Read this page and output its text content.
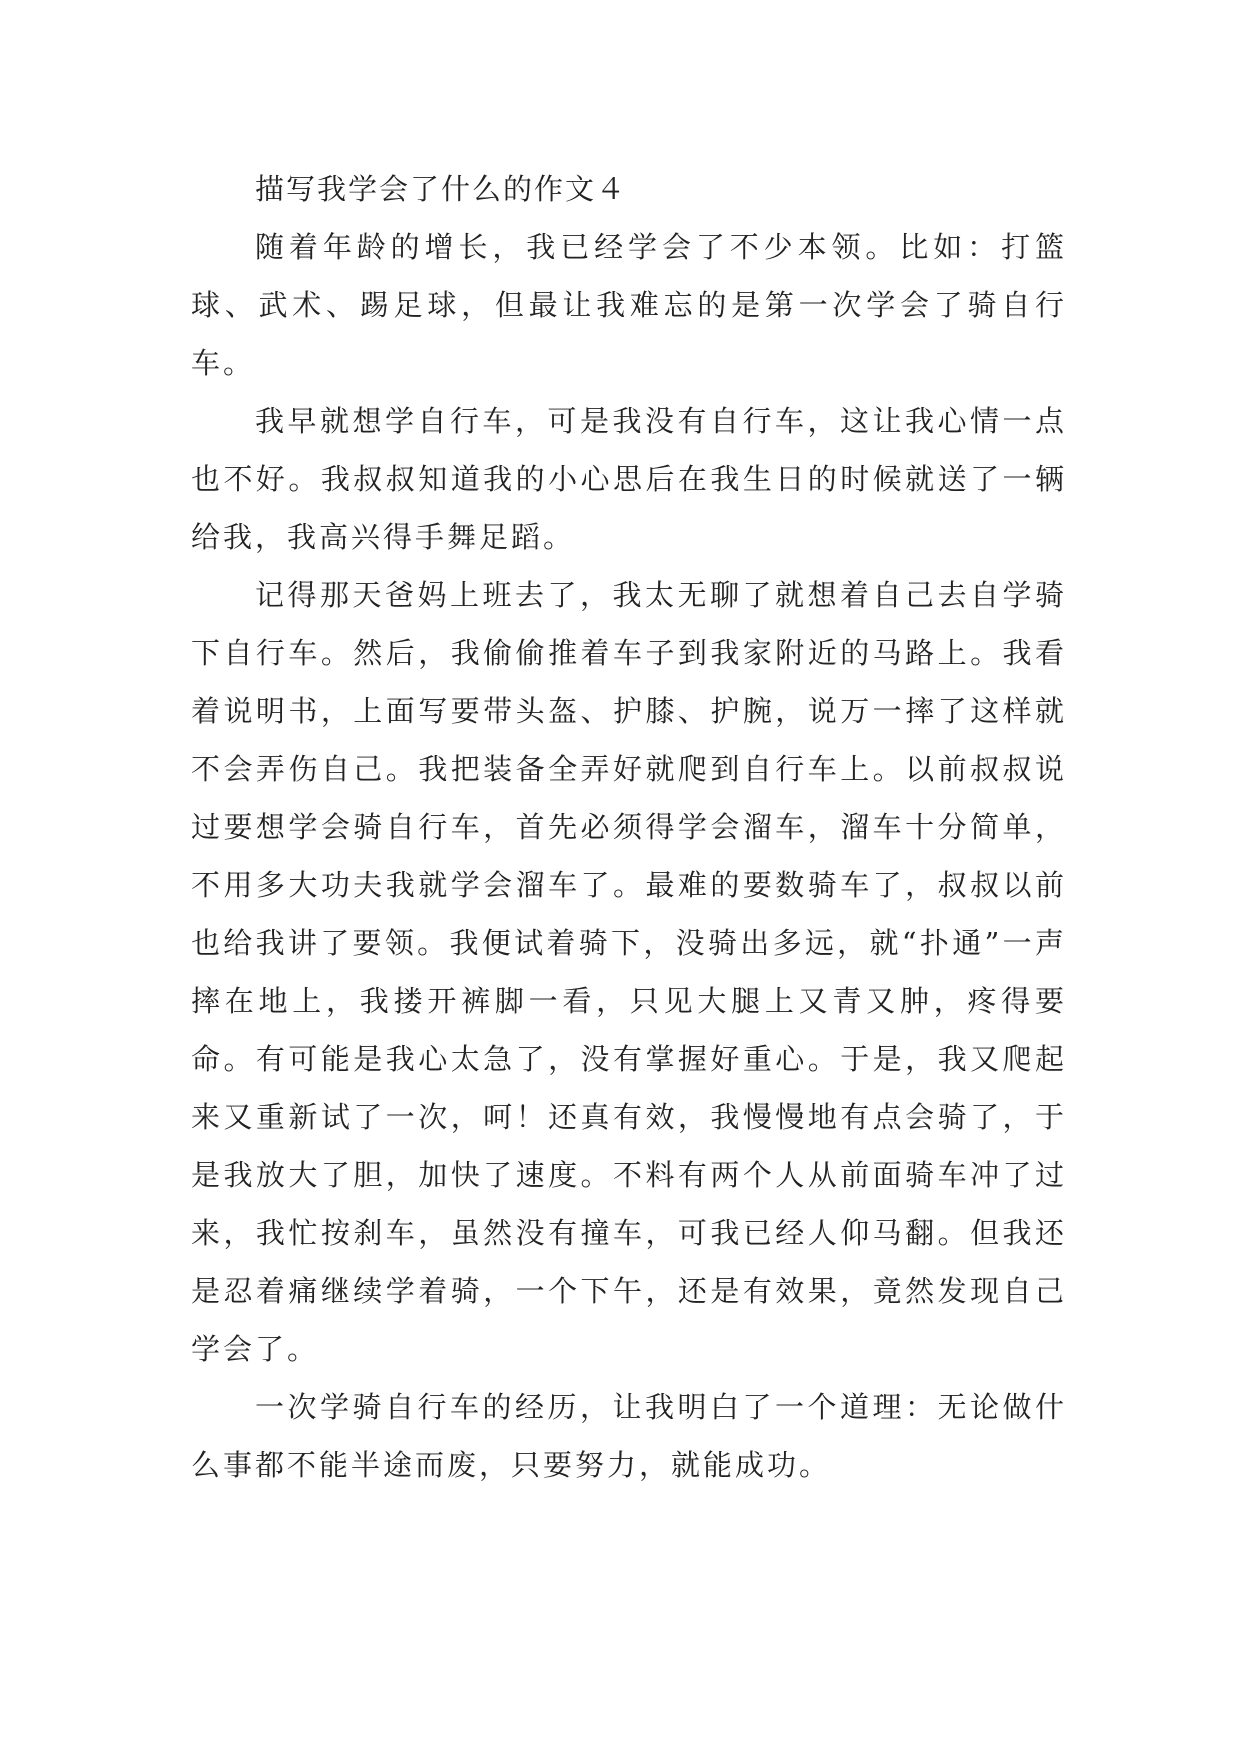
描写我学会了什么的作文４

随着年龄的增长，我已经学会了不少本领。比如：打篮球、武术、踢足球，但最让我难忘的是第一次学会了骑自行车。

我早就想学自行车，可是我没有自行车，这让我心情一点也不好。我叔叔知道我的小心思后在我生日的时候就送了一辆给我，我高兴得手舞足蹈。

记得那天爸妈上班去了，我太无聊了就想着自己去自学骑下自行车。然后，我偷偷推着车子到我家附近的马路上。我看着说明书，上面写要带头盔、护膝、护腕，说万一摔了这样就不会弄伤自己。我把装备全弄好就爬到自行车上。以前叔叔说过要想学会骑自行车，首先必须得学会溜车，溜车十分简单，不用多大功夫我就学会溜车了。最难的要数骑车了，叔叔以前也给我讲了要领。我便试着骑下，没骑出多远，就“扑通”一声摔在地上，我搂开裤脚一看，只见大腿上又青又肿，疼得要命。有可能是我心太急了，没有掌握好重心。于是，我又爬起来又重新试了一次，呵！还真有效，我慢慢地有点会骑了，于是我放大了胆，加快了速度。不料有两个人从前面骑车冲了过来，我忙按刹车，虽然没有撞车，可我已经人仰马翻。但我还是忍着痛继续学着骑，一个下午，还是有效果，竟然发现自己学会了。

一次学骑自行车的经历，让我明白了一个道理：无论做什么事都不能半途而废，只要努力，就能成功。
